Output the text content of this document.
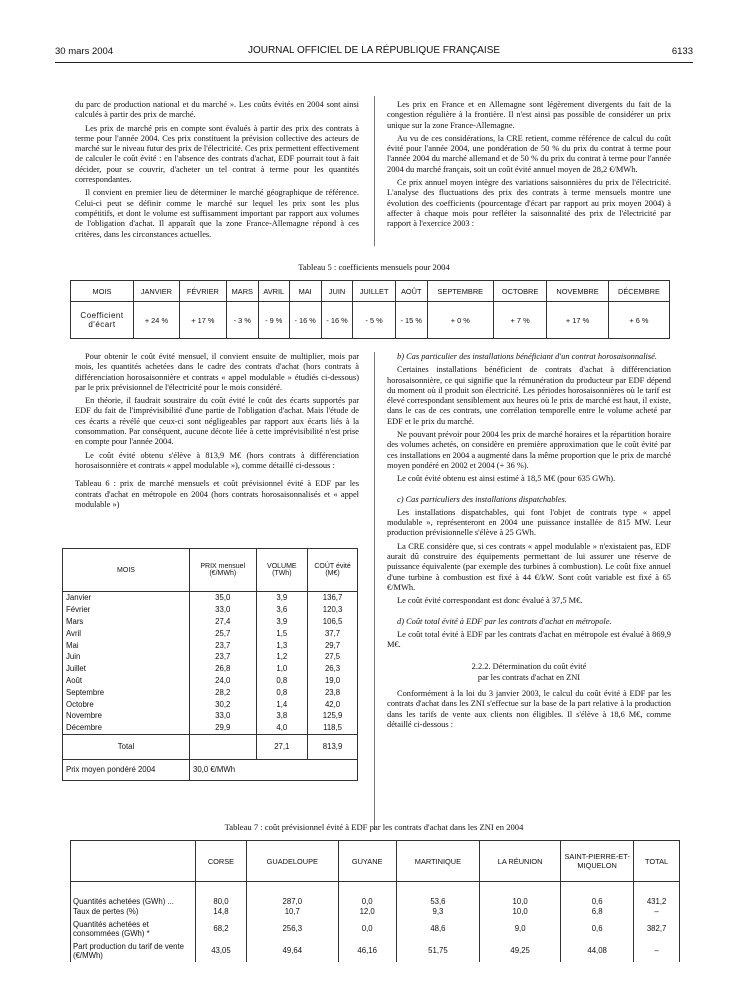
30 mars 2004	JOURNAL OFFICIEL DE LA RÉPUBLIQUE FRANÇAISE	6133

du parc de production national et du marché ». Les coûts évités en 2004 sont ainsi calculés à partir des prix de marché.

Les prix de marché pris en compte sont évalués à partir des prix des contrats à terme pour l'année 2004. Ces prix constituent la prévision collective des acteurs de marché sur le niveau futur des prix de l'électricité. Ces prix permettent effectivement de calculer le coût évité : en l'absence des contrats d'achat, EDF pourrait tout à fait décider, pour se couvrir, d'acheter un tel contrat à terme pour les quantités correspondantes.

Il convient en premier lieu de déterminer le marché géographique de référence. Celui-ci peut se définir comme le marché sur lequel les prix sont les plus compétitifs, et dont le volume est suffisamment important par rapport aux volumes de l'obligation d'achat. Il apparaît que la zone France-Allemagne répond à ces critères, dans les circonstances actuelles.

Les prix en France et en Allemagne sont légèrement divergents du fait de la congestion régulière à la frontière. Il n'est ainsi pas possible de considérer un prix unique sur la zone France-Allemagne.

Au vu de ces considérations, la CRE retient, comme référence de calcul du coût évité pour l'année 2004, une pondération de 50 % du prix du contrat à terme pour l'année 2004 du marché allemand et de 50 % du prix du contrat à terme pour l'année 2004 du marché français, soit un coût évité annuel moyen de 28,2 €/MWh.

Ce prix annuel moyen intègre des variations saisonnières du prix de l'électricité. L'analyse des fluctuations des prix des contrats à terme mensuels montre une évolution des coefficients (pourcentage d'écart par rapport au prix moyen 2004) à affecter à chaque mois pour refléter la saisonnalité des prix de l'électricité par rapport à l'exercice 2003 :

Tableau 5 : coefficients mensuels pour 2004
MOIS	JANVIER	FÉVRIER	MARS	AVRIL	MAI	JUIN	JUILLET	AOÛT	SEPTEMBRE	OCTOBRE	NOVEMBRE	DÉCEMBRE

Coefficient
d'écart	+ 24 %	+ 17 %	- 3 %	- 9 %	- 16 %	- 16 %	- 5 %	- 15 %	+ 0 %	+ 7 %	+ 17 %	+ 6 %

Pour obtenir le coût évité mensuel, il convient ensuite de multiplier, mois par mois, les quantités achetées dans le cadre des contrats d'achat (hors contrats à différenciation horosaisonnière et contrats « appel modulable » étudiés ci-dessous) par le prix prévisionnel de l'électricité pour le mois considéré.

En théorie, il faudrait soustraire du coût évité le coût des écarts supportés par EDF du fait de l'imprévisibilité d'une partie de l'obligation d'achat. Mais l'étude de ces écarts a révélé que ceux-ci sont négligeables par rapport aux écarts liés à la consommation. Par conséquent, aucune décote liée à cette imprévisibilité n'est prise en compte pour l'année 2004.

Le coût évité obtenu s'élève à 813,9 M€ (hors contrats à différenciation horosaisonnière et contrats « appel modulable »), comme détaillé ci-dessous :

Tableau 6 : prix de marché mensuels et coût prévisionnel évité à EDF par les contrats d'achat en métropole en 2004 (hors contrats horosaisonnalisés et « appel modulable »)

MOIS	PRIX mensuel (€/MWh)	VOLUME (TWh)	COÛT évité (M€)
Janvier	35,0	3,9	136,7
Février	33,0	3,6	120,3
Mars	27,4	3,9	106,5
Avril	25,7	1,5	37,7
Mai	23,7	1,3	29,7
Juin	23,7	1,2	27,5
Juillet	26,8	1,0	26,3
Août	24,0	0,8	19,0
Septembre	28,2	0,8	23,8
Octobre	30,2	1,4	42,0
Novembre	33,0	3,8	125,9
Décembre	29,9	4,0	118,5
Total		27,1	813,9
Prix moyen pondéré 2004	30,0 €/MWh		

b) Cas particulier des installations bénéficiant d'un contrat horosaisonnalisé.

Certaines installations bénéficient de contrats d'achat à différenciation horosaisonnière, ce qui signifie que la rémunération du producteur par EDF dépend du moment où il produit son électricité. Les périodes horosaisonnières où le tarif est élevé correspondant sensiblement aux heures où le prix de marché est haut, il existe, dans le cas de ces contrats, une corrélation temporelle entre le volume acheté par EDF et le prix du marché.

Ne pouvant prévoir pour 2004 les prix de marché horaires et la répartition horaire des volumes achetés, on considère en première approximation que le coût évité par ces installations en 2004 a augmenté dans la même proportion que le prix de marché moyen pondéré en 2002 et 2004 (+ 36 %).

Le coût évité obtenu est ainsi estimé à 18,5 M€ (pour 635 GWh).

c) Cas particuliers des installations dispatchables.

Les installations dispatchables, qui font l'objet de contrats type « appel modulable », représenteront en 2004 une puissance installée de 815 MW. Leur production prévisionnelle s'élève à 25 GWh.

La CRE considère que, si ces contrats « appel modulable » n'existaient pas, EDF aurait dû construire des équipements permettant de lui assurer une réserve de puissance équivalente (par exemple des turbines à combustion). Le coût fixe annuel d'une turbine à combustion est fixé à 44 €/kW. Sont coût variable est fixé à 65 €/MWh.

Le coût évité correspondant est donc évalué à 37,5 M€.

d) Coût total évité à EDF par les contrats d'achat en métropole.

Le coût total évité à EDF par les contrats d'achat en métropole est évalué à 869,9 M€.

2.2.2. Détermination du coût évité
par les contrats d'achat en ZNI

Conformément à la loi du 3 janvier 2003, le calcul du coût évité à EDF par les contrats d'achat dans les ZNI s'effectue sur la base de la part relative à la production dans les tarifs de vente aux clients non éligibles. Il s'élève à 18,6 M€, comme détaillé ci-dessous :

Tableau 7 : coût prévisionnel évité à EDF par les contrats d'achat dans les ZNI en 2004
	CORSE	GUADELOUPE	GUYANE	MARTINIQUE	LA RÉUNION	SAINT-PIERRE-ET-MIQUELON	TOTAL
Quantités achetées (GWh) ...	80,0	287,0	0,0	53,6	10,0	0,6	431,2
Taux de pertes (%)	14,8	10,7	12,0	9,3	10,0	6,8	–
Quantités achetées et consommées (GWh) *	68,2	256,3	0,0	48,6	9,0	0,6	382,7
Part production du tarif de vente (€/MWh)	43,05	49,64	46,16	51,75	49,25	44,08	–
